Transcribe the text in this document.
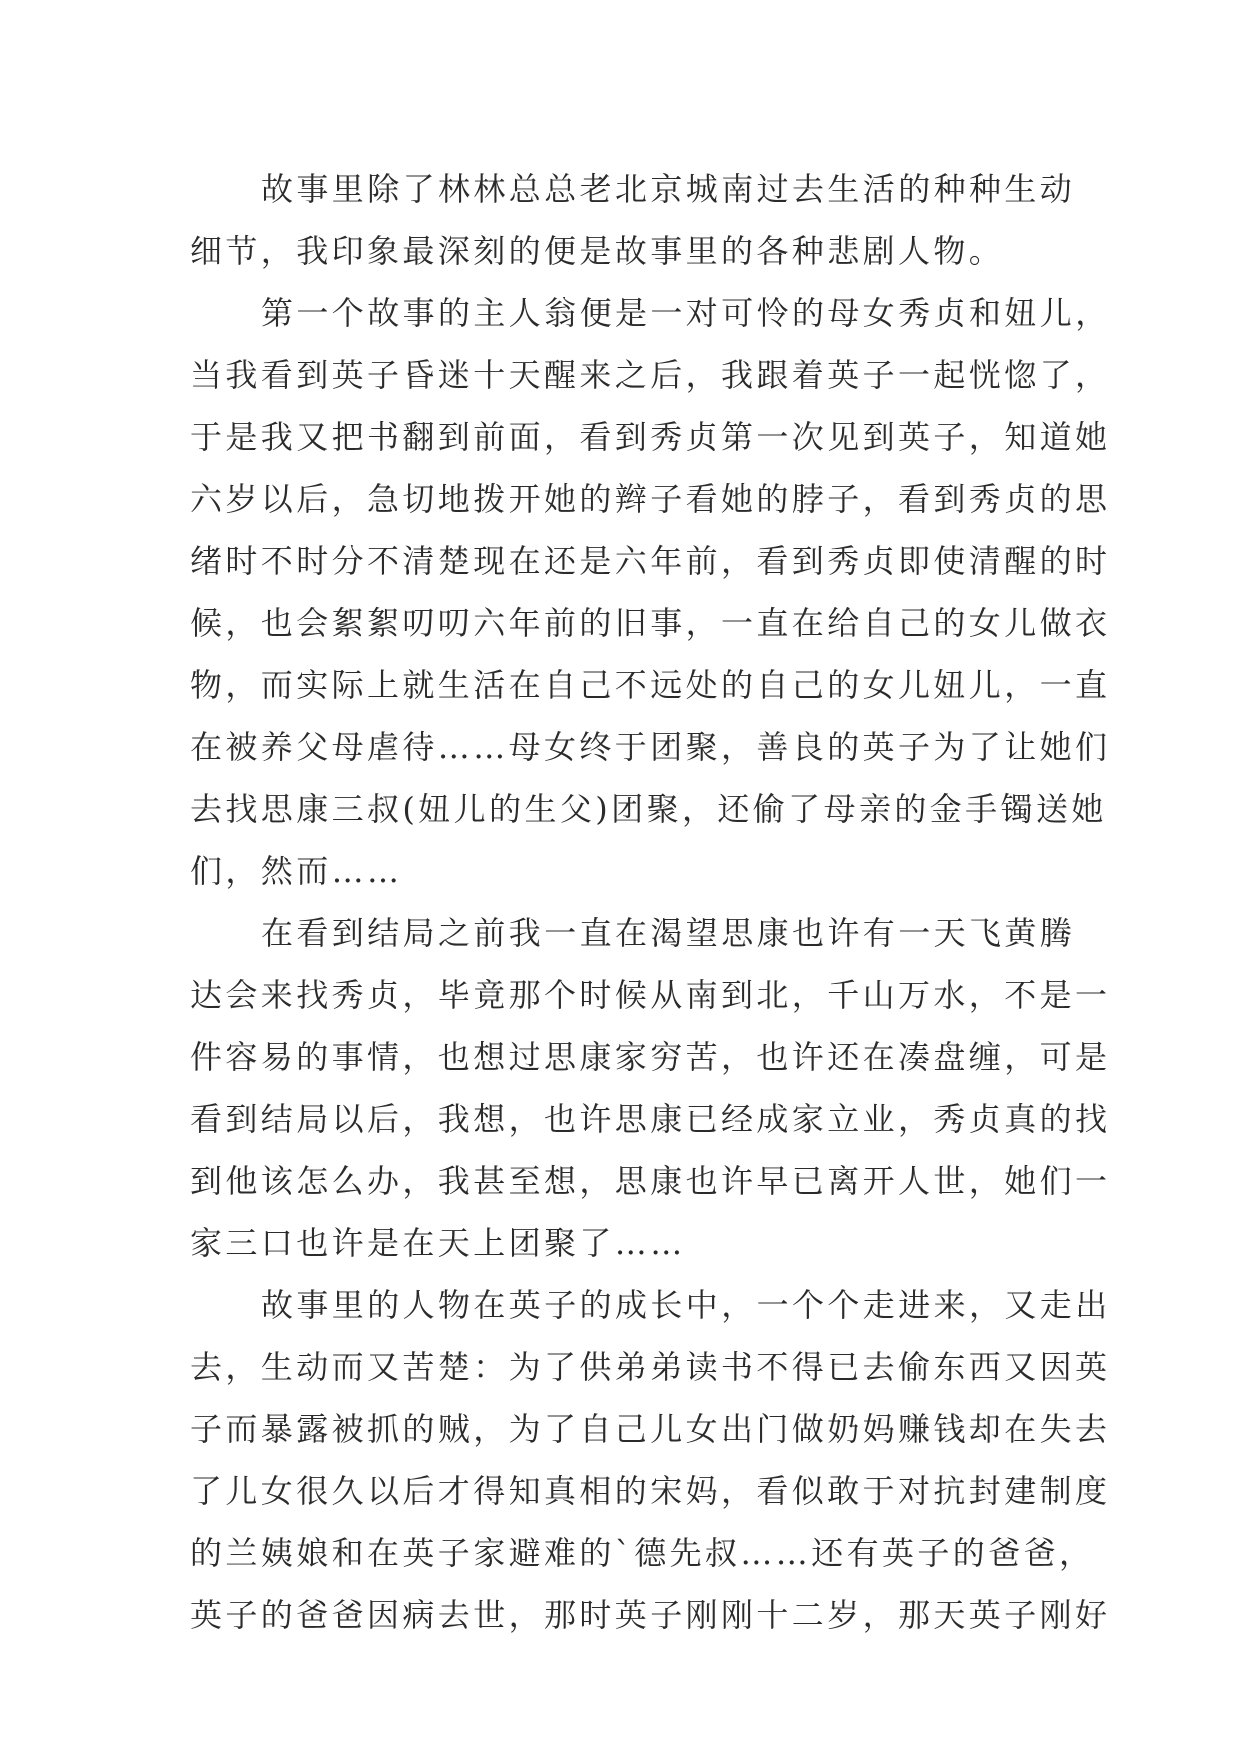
故事里除了林林总总老北京城南过去生活的种种生动
细节，我印象最深刻的便是故事里的各种悲剧人物。
第一个故事的主人翁便是一对可怜的母女秀贞和妞儿，
当我看到英子昏迷十天醒来之后，我跟着英子一起恍惚了，
于是我又把书翻到前面，看到秀贞第一次见到英子，知道她
六岁以后，急切地拨开她的辫子看她的脖子，看到秀贞的思
绪时不时分不清楚现在还是六年前，看到秀贞即使清醒的时
候，也会絮絮叨叨六年前的旧事，一直在给自己的女儿做衣
物，而实际上就生活在自己不远处的自己的女儿妞儿，一直
在被养父母虐待……母女终于团聚，善良的英子为了让她们
去找思康三叔(妞儿的生父)团聚，还偷了母亲的金手镯送她
们，然而……
在看到结局之前我一直在渴望思康也许有一天飞黄腾
达会来找秀贞，毕竟那个时候从南到北，千山万水，不是一
件容易的事情，也想过思康家穷苦，也许还在凑盘缠，可是
看到结局以后，我想，也许思康已经成家立业，秀贞真的找
到他该怎么办，我甚至想，思康也许早已离开人世，她们一
家三口也许是在天上团聚了……
故事里的人物在英子的成长中，一个个走进来，又走出
去，生动而又苦楚：为了供弟弟读书不得已去偷东西又因英
子而暴露被抓的贼，为了自己儿女出门做奶妈赚钱却在失去
了儿女很久以后才得知真相的宋妈，看似敢于对抗封建制度
的兰姨娘和在英子家避难的`德先叔……还有英子的爸爸，
英子的爸爸因病去世，那时英子刚刚十二岁，那天英子刚好
